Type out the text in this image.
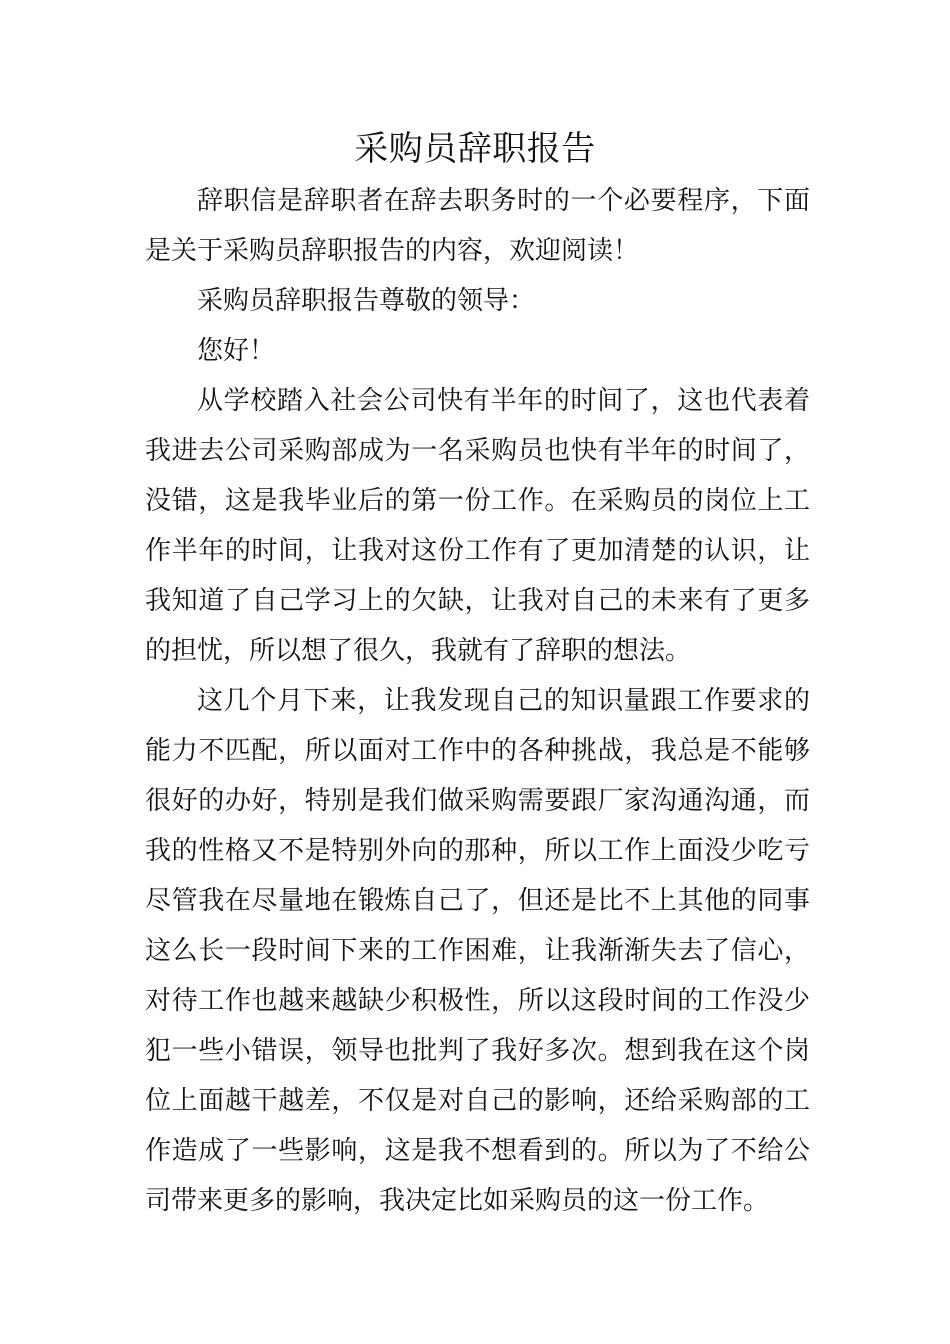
采购员辞职报告

辞职信是辞职者在辞去职务时的一个必要程序，下面是关于采购员辞职报告的内容，欢迎阅读！

采购员辞职报告尊敬的领导：

您好！

从学校踏入社会公司快有半年的时间了，这也代表着我进去公司采购部成为一名采购员也快有半年的时间了，没错，这是我毕业后的第一份工作。在采购员的岗位上工作半年的时间，让我对这份工作有了更加清楚的认识，让我知道了自己学习上的欠缺，让我对自己的未来有了更多的担忧，所以想了很久，我就有了辞职的想法。

这几个月下来，让我发现自己的知识量跟工作要求的能力不匹配，所以面对工作中的各种挑战，我总是不能够很好的办好，特别是我们做采购需要跟厂家沟通沟通，而我的性格又不是特别外向的那种，所以工作上面没少吃亏尽管我在尽量地在锻炼自己了，但还是比不上其他的同事这么长一段时间下来的工作困难，让我渐渐失去了信心，对待工作也越来越缺少积极性，所以这段时间的工作没少犯一些小错误，领导也批判了我好多次。想到我在这个岗位上面越干越差，不仅是对自己的影响，还给采购部的工作造成了一些影响，这是我不想看到的。所以为了不给公司带来更多的影响，我决定比如采购员的这一份工作。
